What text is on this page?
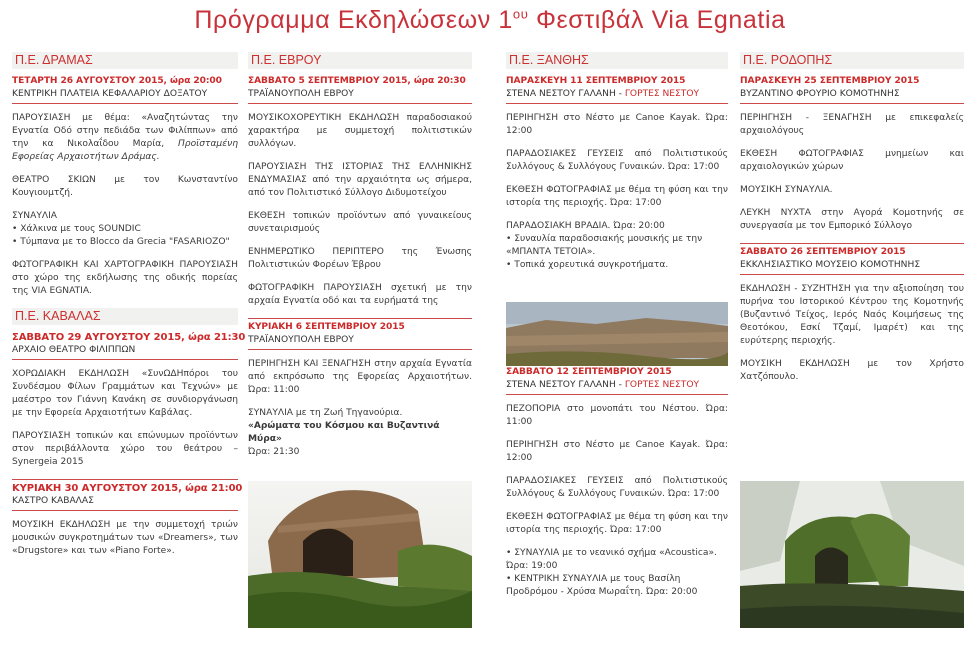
Πρόγραμμα Εκδηλώσεων $1^{o\upsilon}$ Φεστιβάλ Via Egnatia
Π.Ε. ΔΡΑΜΑΣ
ΤΕΤΑΡΤΗ 26 ΑΥΓΟΥΣΤΟΥ 2015, ώρα 20:00
ΚΕΝΤΡΙΚΗ ΠΛΑΤΕΙΑ ΚΕΦΑΛΑΡΙΟΥ ΔΟΞΑΤΟΥ

ΠΑΡΟΥΣΙΑΣΗ με θέμα: «Αναζητώντας την Εγνατία Οδό στην πεδιάδα των Φιλίππων» από την κα Νικολαΐδου Μαρία, Προϊσταμένη Εφορείας Αρχαιοτήτων Δράμας.

ΘΕΑΤΡΟ ΣΚΙΩΝ με τον Κωνσταντίνο Κουγιουμτζή.

ΣΥΝΑΥΛΙΑ
• Χάλκινα με τους SOUNDIC
• Τύμπανα με το Blocco da Grecia "FASARIOZO"

ΦΩΤΟΓΡΑΦΙΚΗ ΚΑΙ ΧΑΡΤΟΓΡΑΦΙΚΗ ΠΑΡΟΥΣΙΑΣΗ στο χώρο της εκδήλωσης της οδικής πορείας της VIA EGNATIA.

Π.Ε. ΚΑΒΑΛΑΣ
ΣΑΒΒΑΤΟ 29 ΑΥΓΟΥΣΤΟΥ 2015, ώρα 21:30
ΑΡΧΑΙΟ ΘΕΑΤΡΟ ΦΙΛΙΠΠΩΝ

ΧΟΡΩΔΙΑΚΗ ΕΚΔΗΛΩΣΗ «ΣυνΩΔΗπόροι του Συνδέσμου Φίλων Γραμμάτων και Τεχνών» με μαέστρο τον Γιάννη Κανάκη σε συνδιοργάνωση με την Εφορεία Αρχαιοτήτων Καβάλας.

ΠΑΡΟΥΣΙΑΣΗ τοπικών και επώνυμων προϊόντων στον περιβάλλοντα χώρο του θεάτρου – Synergeia 2015

ΚΥΡΙΑΚΗ 30 ΑΥΓΟΥΣΤΟΥ 2015, ώρα 21:00
ΚΑΣΤΡΟ ΚΑΒΑΛΑΣ

ΜΟΥΣΙΚΗ ΕΚΔΗΛΩΣΗ με την συμμετοχή τριών μουσικών συγκροτημάτων των «Dreamers», των «Drugstore» και των «Piano Forte».

Π.Ε. ΕΒΡΟΥ
ΣΑΒΒΑΤΟ 5 ΣΕΠΤΕΜΒΡΙΟΥ 2015, ώρα 20:30
ΤΡΑΪΑΝΟΥΠΟΛΗ ΕΒΡΟΥ

ΜΟΥΣΙΚΟΧΟΡΕΥΤΙΚΗ ΕΚΔΗΛΩΣΗ παραδοσιακού χαρακτήρα με συμμετοχή πολιτιστικών συλλόγων.

ΠΑΡΟΥΣΙΑΣΗ ΤΗΣ ΙΣΤΟΡΙΑΣ ΤΗΣ ΕΛΛΗΝΙΚΗΣ ΕΝΔΥΜΑΣΙΑΣ από την αρχαιότητα ως σήμερα, από τον Πολιτιστικό Σύλλογο Διδυμοτείχου

ΕΚΘΕΣΗ τοπικών προϊόντων από γυναικείους συνεταιρισμούς

ΕΝΗΜΕΡΩΤΙΚΟ ΠΕΡΙΠΤΕΡΟ της Ένωσης Πολιτιστικών Φορέων Έβρου

ΦΩΤΟΓΡΑΦΙΚΗ ΠΑΡΟΥΣΙΑΣΗ σχετική με την αρχαία Εγνατία οδό και τα ευρήματά της

ΚΥΡΙΑΚΗ 6 ΣΕΠΤΕΜΒΡΙΟΥ 2015
ΤΡΑΪΑΝΟΥΠΟΛΗ ΕΒΡΟΥ

ΠΕΡΙΗΓΗΣΗ ΚΑΙ ΞΕΝΑΓΗΣΗ στην αρχαία Εγνατία από εκπρόσωπο της Εφορείας Αρχαιοτήτων. Ώρα: 11:00

ΣΥΝΑΥΛΙΑ με τη Ζωή Τηγανούρια.
«Αρώματα του Κόσμου και Βυζαντινά Μύρα»
Ώρα: 21:30
Π.Ε. ΞΑΝΘΗΣ
ΠΑΡΑΣΚΕΥΗ 11 ΣΕΠΤΕΜΒΡΙΟΥ 2015
ΣΤΕΝΑ ΝΕΣΤΟΥ ΓΑΛΑΝΗ - ΓΟΡΤΕΣ ΝΕΣΤΟΥ

ΠΕΡΙΗΓΗΣΗ στο Νέστο με Canoe Kayak. Ώρα: 12:00

ΠΑΡΑΔΟΣΙΑΚΕΣ ΓΕΥΣΕΙΣ από Πολιτιστικούς Συλλόγους & Συλλόγους Γυναικών. Ώρα: 17:00

ΕΚΘΕΣΗ ΦΩΤΟΓΡΑΦΙΑΣ με θέμα τη φύση και την ιστορία της περιοχής. Ώρα: 17:00

ΠΑΡΑΔΟΣΙΑΚΗ ΒΡΑΔΙΑ. Ώρα: 20:00
• Συναυλία παραδοσιακής μουσικής με την «ΜΠΑΝΤΑ ΤΕΤΟΙΑ».
• Τοπικά χορευτικά συγκροτήματα.
ΣΑΒΒΑΤΟ 12 ΣΕΠΤΕΜΒΡΙΟΥ 2015
ΣΤΕΝΑ ΝΕΣΤΟΥ ΓΑΛΑΝΗ - ΓΟΡΤΕΣ ΝΕΣΤΟΥ

ΠΕΖΟΠΟΡΙΑ στο μονοπάτι του Νέστου. Ώρα: 11:00

ΠΕΡΙΗΓΗΣΗ στο Νέστο με Canoe Kayak. Ώρα: 12:00

ΠΑΡΑΔΟΣΙΑΚΕΣ ΓΕΥΣΕΙΣ από Πολιτιστικούς Συλλόγους & Συλλόγους Γυναικών. Ώρα: 17:00

ΕΚΘΕΣΗ ΦΩΤΟΓΡΑΦΙΑΣ με θέμα τη φύση και την ιστορία της περιοχής. Ώρα: 17:00

• ΣΥΝΑΥΛΙΑ με το νεανικό σχήμα «Acoustica». Ώρα: 19:00
• ΚΕΝΤΡΙΚΗ ΣΥΝΑΥΛΙΑ με τους Βασίλη Προδρόμου - Χρύσα Μωραΐτη. Ώρα: 20:00
Π.Ε. ΡΟΔΟΠΗΣ
ΠΑΡΑΣΚΕΥΗ 25 ΣΕΠΤΕΜΒΡΙΟΥ 2015
ΒΥΖΑΝΤΙΝΟ ΦΡΟΥΡΙΟ ΚΟΜΟΤΗΝΗΣ

ΠΕΡΙΗΓΗΣΗ - ΞΕΝΑΓΗΣΗ με επικεφαλείς αρχαιολόγους

ΕΚΘΕΣΗ ΦΩΤΟΓΡΑΦΙΑΣ μνημείων και αρχαιολογικών χώρων

ΜΟΥΣΙΚΗ ΣΥΝΑΥΛΙΑ.

ΛΕΥΚΗ ΝΥΧΤΑ στην Αγορά Κομοτηνής σε συνεργασία με τον Εμπορικό Σύλλογο

ΣΑΒΒΑΤΟ 26 ΣΕΠΤΕΜΒΡΙΟΥ 2015
ΕΚΚΛΗΣΙΑΣΤΙΚΟ ΜΟΥΣΕΙΟ ΚΟΜΟΤΗΝΗΣ

ΕΚΔΗΛΩΣΗ - ΣΥΖΗΤΗΣΗ για την αξιοποίηση του πυρήνα του Ιστορικού Κέντρου της Κομοτηνής (Βυζαντινό Τείχος, Ιερός Ναός Κοιμήσεως της Θεοτόκου, Εσκί Τζαμί, Ιμαρέτ) και της ευρύτερης περιοχής.

ΜΟΥΣΙΚΗ ΕΚΔΗΛΩΣΗ με τον Χρήστο Χατζόπουλο.
